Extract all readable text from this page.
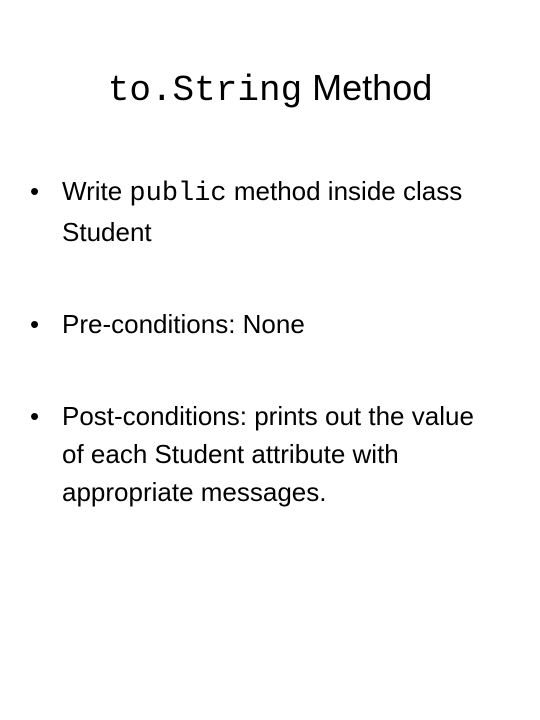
to.String Method
• Write public method inside class Student
• Pre-conditions: None
• Post-conditions: prints out the value of each Student attribute with appropriate messages.
